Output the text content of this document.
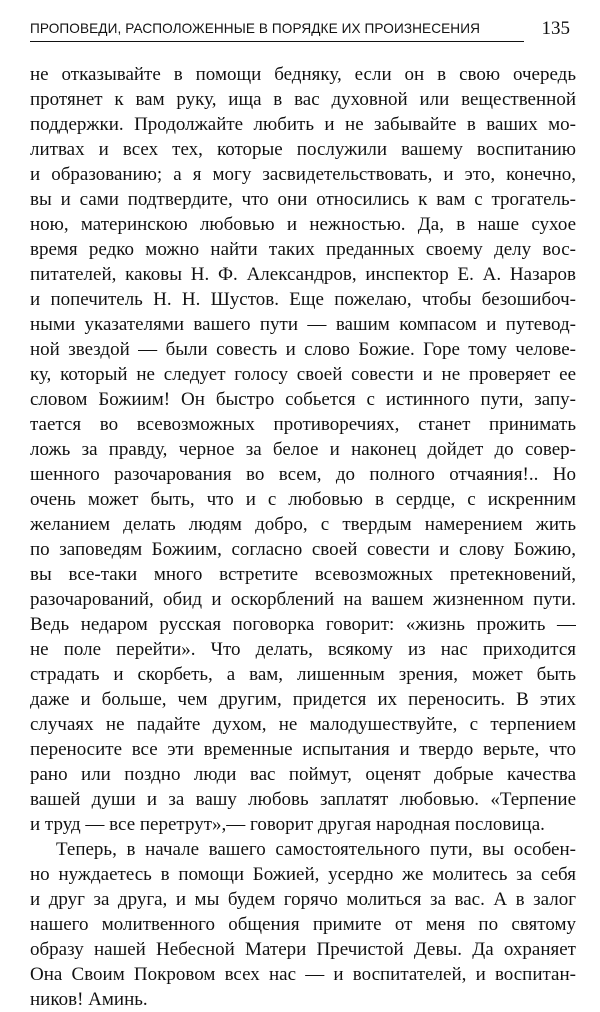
ПРОПОВЕДИ, РАСПОЛОЖЕННЫЕ В ПОРЯДКЕ ИХ ПРОИЗНЕСЕНИЯ	135
не отказывайте в помощи бедняку, если он в свою очередь
протянет к вам руку, ища в вас духовной или вещественной
поддержки. Продолжайте любить и не забывайте в ваших мо-
литвах и всех тех, которые послужили вашему воспитанию
и образованию; а я могу засвидетельствовать, и это, конечно,
вы и сами подтвердите, что они относились к вам с трогатель-
ною, материнскою любовью и нежностью. Да, в наше сухое
время редко можно найти таких преданных своему делу вос-
питателей, каковы Н. Ф. Александров, инспектор Е. А. Назаров
и попечитель Н. Н. Шустов. Еще пожелаю, чтобы безошибоч-
ными указателями вашего пути — вашим компасом и путевод-
ной звездой — были совесть и слово Божие. Горе тому челове-
ку, который не следует голосу своей совести и не проверяет ее
словом Божиим! Он быстро собьется с истинного пути, запу-
тается во всевозможных противоречиях, станет принимать
ложь за правду, черное за белое и наконец дойдет до совер-
шенного разочарования во всем, до полного отчаяния!.. Но
очень может быть, что и с любовью в сердце, с искренним
желанием делать людям добро, с твердым намерением жить
по заповедям Божиим, согласно своей совести и слову Божию,
вы все-таки много встретите всевозможных претекновений,
разочарований, обид и оскорблений на вашем жизненном пути.
Ведь недаром русская поговорка говорит: «жизнь прожить —
не поле перейти». Что делать, всякому из нас приходится
страдать и скорбеть, а вам, лишенным зрения, может быть
даже и больше, чем другим, придется их переносить. В этих
случаях не падайте духом, не малодушествуйте, с терпением
переносите все эти временные испытания и твердо верьте, что
рано или поздно люди вас поймут, оценят добрые качества
вашей души и за вашу любовь заплатят любовью. «Терпение
и труд — все перетрут»,— говорит другая народная пословица.
Теперь, в начале вашего самостоятельного пути, вы особен-
но нуждаетесь в помощи Божией, усердно же молитесь за себя
и друг за друга, и мы будем горячо молиться за вас. А в залог
нашего молитвенного общения примите от меня по святому
образу нашей Небесной Матери Пречистой Девы. Да охраняет
Она Своим Покровом всех нас — и воспитателей, и воспитан-
ников! Аминь.
